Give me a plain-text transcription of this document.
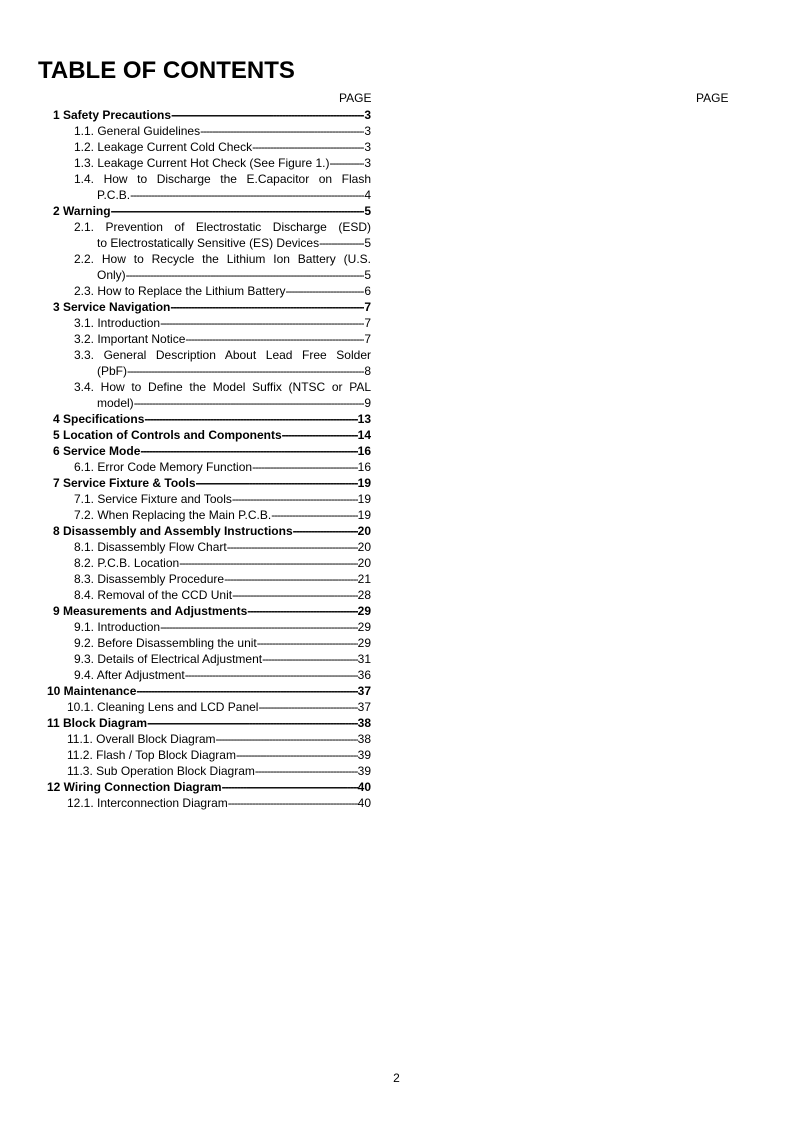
TABLE OF CONTENTS
PAGE	PAGE
1 Safety Precautions -----	3
1.1. General Guidelines -----	3
1.2. Leakage Current Cold Check -----	3
1.3. Leakage Current Hot Check (See Figure 1.) -----	3
1.4. How to Discharge the E.Capacitor on Flash
P.C.B. -----	4
2 Warning -----	5
2.1. Prevention of Electrostatic Discharge (ESD)
to Electrostatically Sensitive (ES) Devices -----	5
2.2. How to Recycle the Lithium Ion Battery (U.S.
Only) -----	5
2.3. How to Replace the Lithium Battery -----	6
3 Service Navigation -----	7
3.1. Introduction -----	7
3.2. Important Notice -----	7
3.3. General Description About Lead Free Solder
(PbF) -----	8
3.4. How to Define the Model Suffix (NTSC or PAL
model) -----	9
4 Specifications -----	13
5 Location of Controls and Components -----	14
6 Service Mode -----	16
6.1. Error Code Memory Function -----	16
7 Service Fixture & Tools -----	19
7.1. Service Fixture and Tools -----	19
7.2. When Replacing the Main P.C.B. -----	19
8 Disassembly and Assembly Instructions -----	20
8.1. Disassembly Flow Chart -----	20
8.2. P.C.B. Location -----	20
8.3. Disassembly Procedure -----	21
8.4. Removal of the CCD Unit -----	28
9 Measurements and Adjustments -----	29
9.1. Introduction -----	29
9.2. Before Disassembling the unit -----	29
9.3. Details of Electrical Adjustment -----	31
9.4. After Adjustment -----	36
10 Maintenance -----	37
10.1. Cleaning Lens and LCD Panel -----	37
11 Block Diagram -----	38
11.1. Overall Block Diagram -----	38
11.2. Flash / Top Block Diagram -----	39
11.3. Sub Operation Block Diagram -----	39
12 Wiring Connection Diagram -----	40
12.1. Interconnection Diagram -----	40
2
